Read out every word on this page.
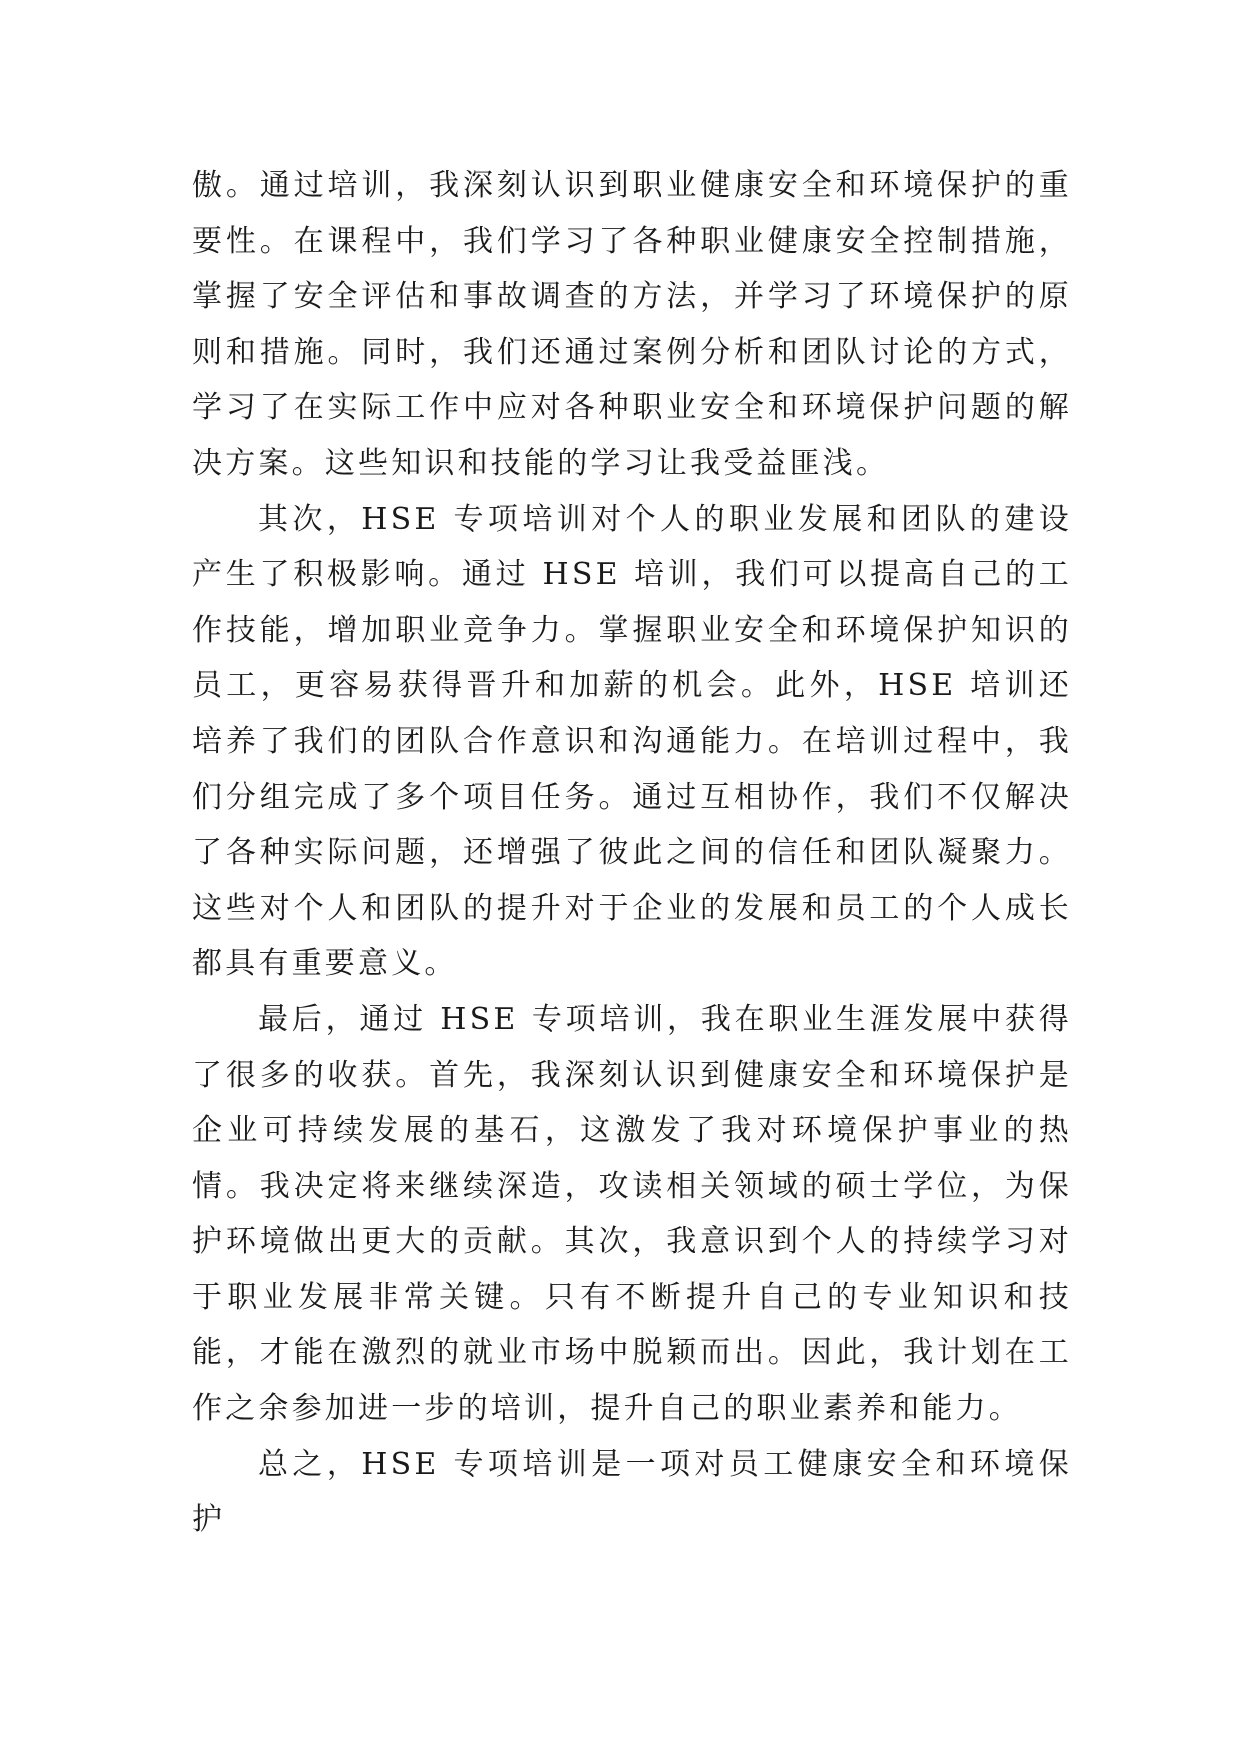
傲。通过培训，我深刻认识到职业健康安全和环境保护的重要性。在课程中，我们学习了各种职业健康安全控制措施，掌握了安全评估和事故调查的方法，并学习了环境保护的原则和措施。同时，我们还通过案例分析和团队讨论的方式，学习了在实际工作中应对各种职业安全和环境保护问题的解决方案。这些知识和技能的学习让我受益匪浅。

其次，HSE 专项培训对个人的职业发展和团队的建设产生了积极影响。通过 HSE 培训，我们可以提高自己的工作技能，增加职业竞争力。掌握职业安全和环境保护知识的员工，更容易获得晋升和加薪的机会。此外，HSE 培训还培养了我们的团队合作意识和沟通能力。在培训过程中，我们分组完成了多个项目任务。通过互相协作，我们不仅解决了各种实际问题，还增强了彼此之间的信任和团队凝聚力。这些对个人和团队的提升对于企业的发展和员工的个人成长都具有重要意义。

最后，通过 HSE 专项培训，我在职业生涯发展中获得了很多的收获。首先，我深刻认识到健康安全和环境保护是企业可持续发展的基石，这激发了我对环境保护事业的热情。我决定将来继续深造，攻读相关领域的硕士学位，为保护环境做出更大的贡献。其次，我意识到个人的持续学习对于职业发展非常关键。只有不断提升自己的专业知识和技能，才能在激烈的就业市场中脱颖而出。因此，我计划在工作之余参加进一步的培训，提升自己的职业素养和能力。

总之，HSE 专项培训是一项对员工健康安全和环境保护
